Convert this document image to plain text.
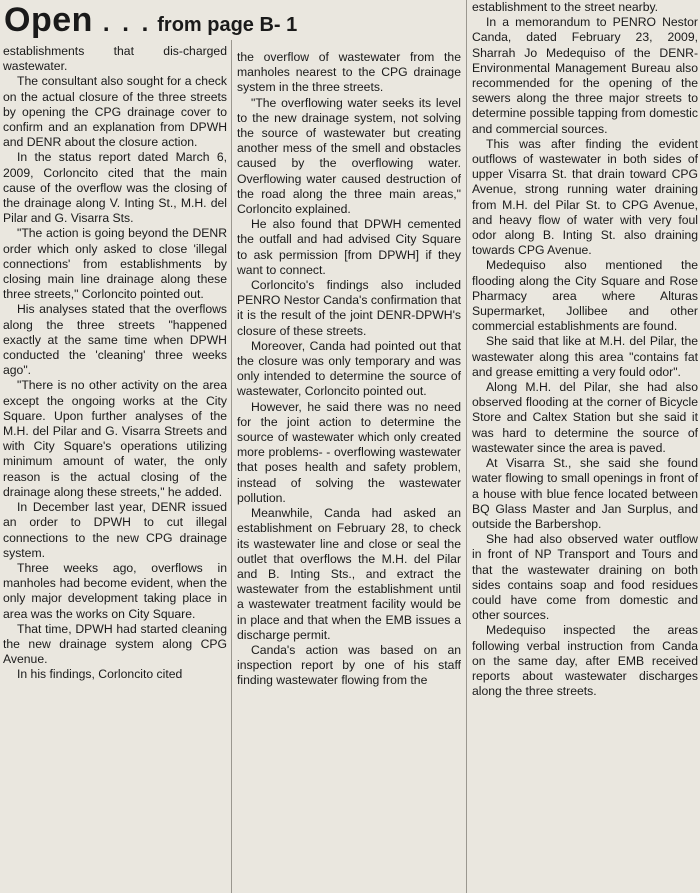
Open . . . from page B- 1

establishments that dis-charged wastewater.

The consultant also sought for a check on the actual closure of the three streets by opening the CPG drainage cover to confirm and an explanation from DPWH and DENR about the closure action.

In the status report dated March 6, 2009, Corloncito cited that the main cause of the overflow was the closing of the drainage along V. Inting St., M.H. del Pilar and G. Visarra Sts.

"The action is going beyond the DENR order which only asked to close 'illegal connections' from establishments by closing main line drainage along these three streets," Corloncito pointed out.

His analyses stated that the overflows along the three streets "happened exactly at the same time when DPWH conducted the 'cleaning' three weeks ago".

"There is no other activity on the area except the ongoing works at the City Square. Upon further analyses of the M.H. del Pilar and G. Visarra Streets and with City Square's operations utilizing minimum amount of water, the only reason is the actual closing of the drainage along these streets," he added.

In December last year, DENR issued an order to DPWH to cut illegal connections to the new CPG drainage system.

Three weeks ago, overflows in manholes had become evident, when the only major development taking place in area was the works on City Square.

That time, DPWH had started cleaning the new drainage system along CPG Avenue.

In his findings, Corloncito cited

the overflow of wastewater from the manholes nearest to the CPG drainage system in the three streets.

"The overflowing water seeks its level to the new drainage system, not solving the source of wastewater but creating another mess of the smell and obstacles caused by the overflowing water. Overflowing water caused destruction of the road along the three main areas," Corloncito explained.

He also found that DPWH cemented the outfall and had advised City Square to ask permission [from DPWH] if they want to connect.

Corloncito's findings also included PENRO Nestor Canda's confirmation that it is the result of the joint DENR-DPWH's closure of these streets.

Moreover, Canda had pointed out that the closure was only temporary and was only intended to determine the source of wastewater, Corloncito pointed out.

However, he said there was no need for the joint action to determine the source of wastewater which only created more problems- - overflowing wastewater that poses health and safety problem, instead of solving the wastewater pollution.

Meanwhile, Canda had asked an establishment on February 28, to check its wastewater line and close or seal the outlet that overflows the M.H. del Pilar and B. Inting Sts., and extract the wastewater from the establishment until a wastewater treatment facility would be in place and that when the EMB issues a discharge permit.

Canda's action was based on an inspection report by one of his staff finding wastewater flowing from the

establishment to the street nearby.

In a memorandum to PENRO Nestor Canda, dated February 23, 2009, Sharrah Jo Medequiso of the DENR-Environmental Management Bureau also recommended for the opening of the sewers along the three major streets to determine possible tapping from domestic and commercial sources.

This was after finding the evident outflows of wastewater in both sides of upper Visarra St. that drain toward CPG Avenue, strong running water draining from M.H. del Pilar St. to CPG Avenue, and heavy flow of water with very foul odor along B. Inting St. also draining towards CPG Avenue.

Medequiso also mentioned the flooding along the City Square and Rose Pharmacy area where Alturas Supermarket, Jollibee and other commercial establishments are found.

She said that like at M.H. del Pilar, the wastewater along this area "contains fat and grease emitting a very fould odor".

Along M.H. del Pilar, she had also observed flooding at the corner of Bicycle Store and Caltex Station but she said it was hard to determine the source of wastewater since the area is paved.

At Visarra St., she said she found water flowing to small openings in front of a house with blue fence located between BQ Glass Master and Jan Surplus, and outside the Barbershop.

She had also observed water outflow in front of NP Transport and Tours and that the wastewater draining on both sides contains soap and food residues could have come from domestic and other sources.

Medequiso inspected the areas following verbal instruction from Canda on the same day, after EMB received reports about wastewater discharges along the three streets.
